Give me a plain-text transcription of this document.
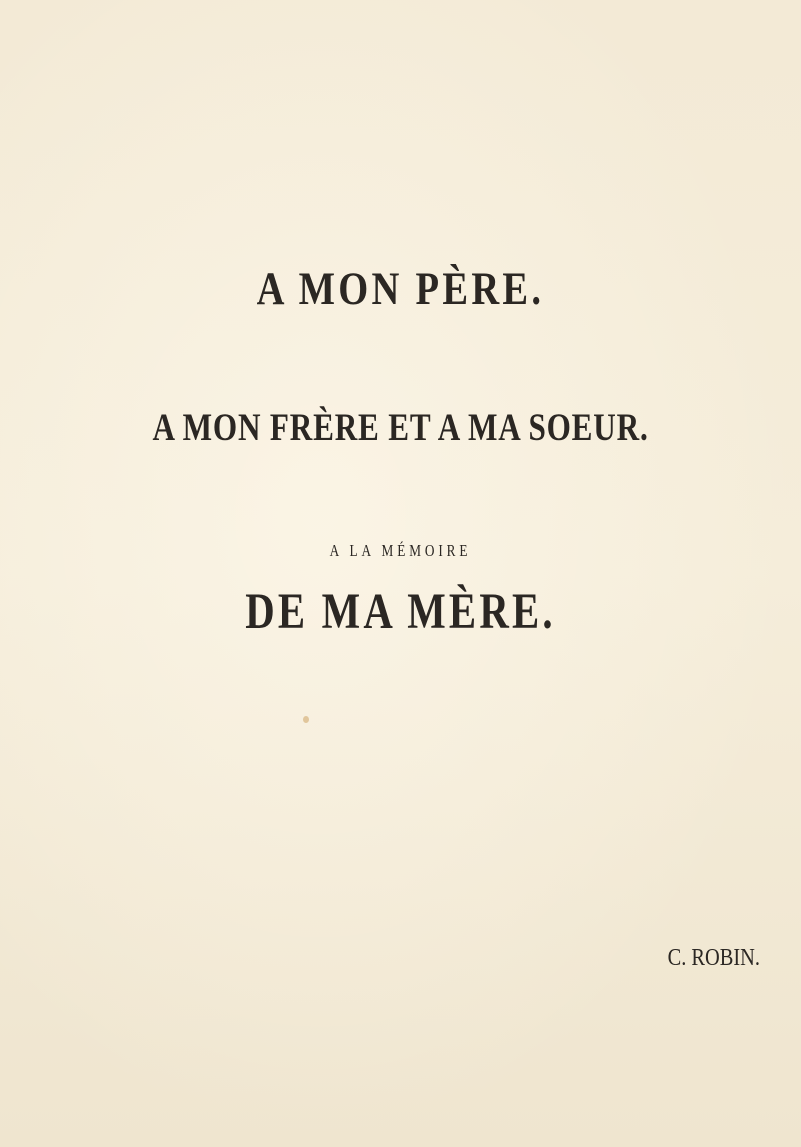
A MON PÈRE.
A MON FRÈRE ET A MA SOEUR.
A LA MÉMOIRE
DE MA MÈRE.
C. ROBIN.
